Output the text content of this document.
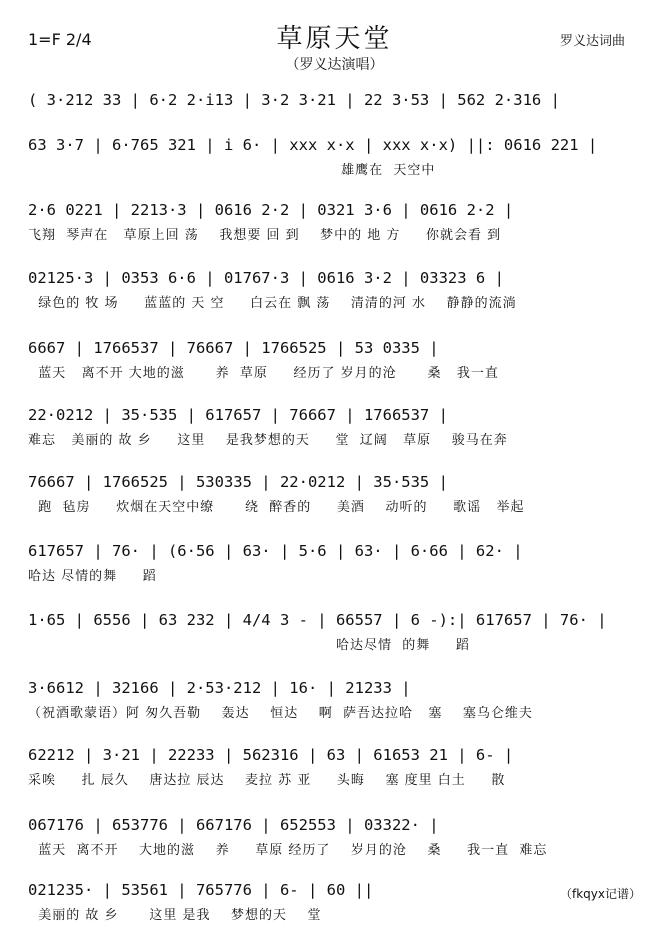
1=F 2/4	草原天堂
（罗义达演唱）
罗义达词曲
( 3·212 33 | 6·2 2·i13 | 3·2 3·21 | 22 3·53 | 562 2·316 |
63 3·7 | 6·765 321 | i 6· | xxx x·x | xxx x·x) ||: 0616 221 |
雄鹰在  天空中
2·6 0221 | 2213·3 | 0616 2·2 | 0321 3·6 | 0616 2·2 |
飞翔  琴声在   草原上回 荡    我想要 回 到    梦中的 地 方     你就会看 到
02125·3 | 0353 6·6 | 01767·3 | 0616 3·2 | 03323 6 |
绿色的 牧 场     蓝蓝的 天 空     白云在 飘 荡    清清的河 水    静静的流淌
6667 | 1766537 | 76667 | 1766525 | 53 0335 |
蓝天   离不开 大地的滋      养  草原     经历了 岁月的沧      桑   我一直
22·0212 | 35·535 | 617657 | 76667 | 1766537 |
难忘   美丽的 故 乡     这里    是我梦想的天     堂  辽阔   草原    骏马在奔
76667 | 1766525 | 530335 | 22·0212 | 35·535 |
跑  毡房     炊烟在天空中缭      绕  醉香的     美酒    动听的     歌谣   举起
617657 | 76· | (6·56 | 63· | 5·6 | 63· | 6·66 | 62· |
哈达 尽情的舞     蹈
1·65 | 6556 | 63 232 | 4/4 3 - | 66557 | 6 -):| 617657 | 76· |
哈达尽情  的舞     蹈
3·6612 | 32166 | 2·53·212 | 16· | 21233 |
（祝酒歌蒙语）阿 匆久吾勒    轰达    恒达    啊  萨吾达拉哈   塞    塞乌仑维夫
62212 | 3·21 | 22233 | 562316 | 63 | 61653 21 | 6- |
采唉     扎 辰久    唐达拉 辰达    麦拉 苏 亚     头晦    塞 度里 白土     散
067176 | 653776 | 667176 | 652553 | 03322· |
蓝天  离不开    大地的滋    养     草原 经历了    岁月的沧    桑     我一直  难忘
021235· | 53561 | 765776 | 6- | 60 ||
美丽的 故 乡      这里 是我    梦想的天    堂
（fkqyx记谱）
